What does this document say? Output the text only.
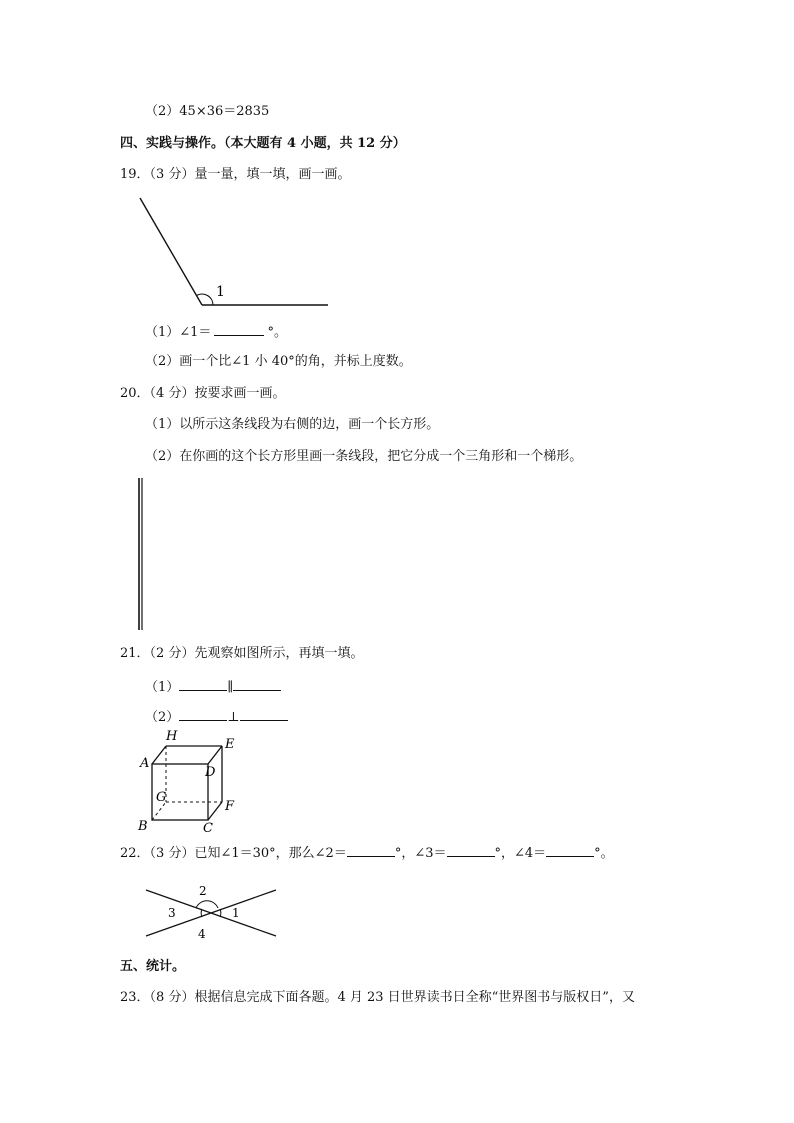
（2）45×36＝2835
四、实践与操作。（本大题有 4 小题，共 12 分）
19．（3 分）量一量，填一填，画一画。
1
（1）∠1＝	°。
（2）画一个比∠1 小 40°的角，并标上度数。
20．（4 分）按要求画一画。
（1）以所示这条线段为右侧的边，画一个长方形。
（2）在你画的这个长方形里画一条线段，把它分成一个三角形和一个梯形。
21．（2 分）先观察如图所示，再填一填。
（1）	∥
（2）	⊥
H
E
A
D
G
F
B	C
22．（3 分）已知∠1＝30°，那么∠2＝	°，∠3＝	°，∠4＝	°。
2
3	1
4
五、统计。
23．（8 分）根据信息完成下面各题。4 月 23 日世界读书日全称“世界图书与版权日”，又
